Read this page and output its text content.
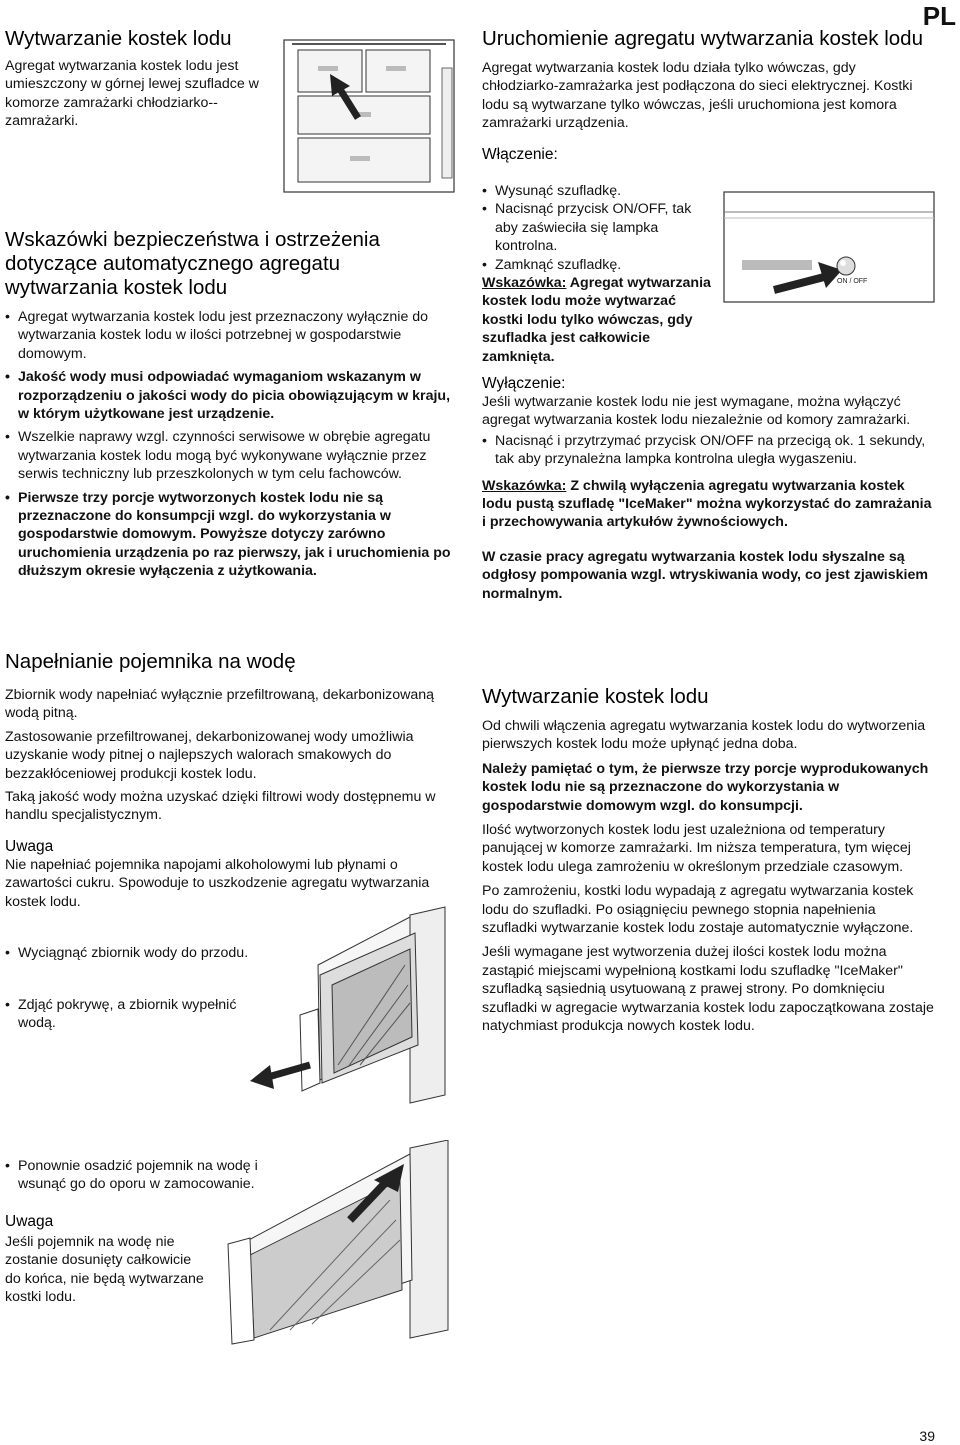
PL
Wytwarzanie kostek lodu

Agregat wytwarzania kostek lodu jest umieszczony w górnej lewej szufladce w komorze zamrażarki chłodziarko--zamrażarki.

Wskazówki bezpieczeństwa i ostrzeżenia dotyczące automatycznego agregatu wytwarzania kostek lodu
• Agregat wytwarzania kostek lodu jest przeznaczony wyłącznie do wytwarzania kostek lodu w ilości potrzebnej w gospodarstwie domowym.
• Jakość wody musi odpowiadać wymaganiom wskazanym w rozporządzeniu o jakości wody do picia obowiązującym w kraju, w którym użytkowane jest urządzenie.
• Wszelkie naprawy wzgl. czynności serwisowe w obrębie agregatu wytwarzania kostek lodu mogą być wykonywane wyłącznie przez serwis techniczny lub przeszkolonych w tym celu fachowców.
• Pierwsze trzy porcje wytworzonych kostek lodu nie są przeznaczone do konsumpcji wzgl. do wykorzystania w gospodarstwie domowym. Powyższe dotyczy zarówno uruchomienia urządzenia po raz pierwszy, jak i uruchomienia po dłuższym okresie wyłączenia z użytkowania.
Napełnianie pojemnika na wodę

Zbiornik wody napełniać wyłącznie przefiltrowaną, dekarbonizowaną wodą pitną.

Zastosowanie przefiltrowanej, dekarbonizowanej wody umożliwia uzyskanie wody pitnej o najlepszych walorach smakowych do bezzakłóceniowej produkcji kostek lodu.

Taką jakość wody można uzyskać dzięki filtrowi wody dostępnemu w handlu specjalistycznym.

Uwaga

Nie napełniać pojemnika napojami alkoholowymi lub płynami o zawartości cukru. Spowoduje to uszkodzenie agregatu wytwarzania kostek lodu.

• Wyciągnąć zbiornik wody do przodu.
• Zdjąć pokrywę, a zbiornik wypełnić wodą.
• Ponownie osadzić pojemnik na wodę i wsunąć go do oporu w zamocowanie.
Uwaga

Jeśli pojemnik na wodę nie zostanie dosunięty całkowicie do końca, nie będą wytwarzane kostki lodu.

Uruchomienie agregatu wytwarzania kostek lodu

Agregat wytwarzania kostek lodu działa tylko wówczas, gdy chłodziarko-zamrażarka jest podłączona do sieci elektrycznej. Kostki lodu są wytwarzane tylko wówczas, jeśli uruchomiona jest komora zamrażarki urządzenia.

Włączenie:
• Wysunąć szufladkę.
• Nacisnąć przycisk ON/OFF, tak aby zaświeciła się lampka kontrolna.
• Zamknąć szufladkę.

Wskazówka: Agregat wytwarzania kostek lodu może wytwarzać kostki lodu tylko wówczas, gdy szufladka jest całkowicie zamknięta.

ON / OFF
Wyłączenie:

Jeśli wytwarzanie kostek lodu nie jest wymagane, można wyłączyć agregat wytwarzania kostek lodu niezależnie od komory zamrażarki.

• Nacisnąć i przytrzymać przycisk ON/OFF na przecigą ok. 1 sekundy, tak aby przynależna lampka kontrolna uległa wygaszeniu.

Wskazówka: Z chwilą wyłączenia agregatu wytwarzania kostek lodu pustą szufladę "IceMaker" można wykorzystać do zamrażania i przechowywania artykułów żywnościowych.

W czasie pracy agregatu wytwarzania kostek lodu słyszalne są odgłosy pompowania wzgl. wtryskiwania wody, co jest zjawiskiem normalnym.

Wytwarzanie kostek lodu

Od chwili włączenia agregatu wytwarzania kostek lodu do wytworzenia pierwszych kostek lodu może upłynąć jedna doba.

Należy pamiętać o tym, że pierwsze trzy porcje wyprodukowanych kostek lodu nie są przeznaczone do wykorzystania w gospodarstwie domowym wzgl. do konsumpcji.

Ilość wytworzonych kostek lodu jest uzależniona od temperatury panującej w komorze zamrażarki. Im niższa temperatura, tym więcej kostek lodu ulega zamrożeniu w określonym przedziale czasowym.

Po zamrożeniu, kostki lodu wypadają z agregatu wytwarzania kostek lodu do szufladki. Po osiągnięciu pewnego stopnia napełnienia szufladki wytwarzanie kostek lodu zostaje automatycznie wyłączone.

Jeśli wymagane jest wytworzenia dużej ilości kostek lodu można zastąpić miejscami wypełnioną kostkami lodu szufladkę "IceMaker" szufladką sąsiednią usytuowaną z prawej strony. Po domknięciu szufladki w agregacie wytwarzania kostek lodu zapoczątkowana zostaje natychmiast produkcja nowych kostek lodu.

39
